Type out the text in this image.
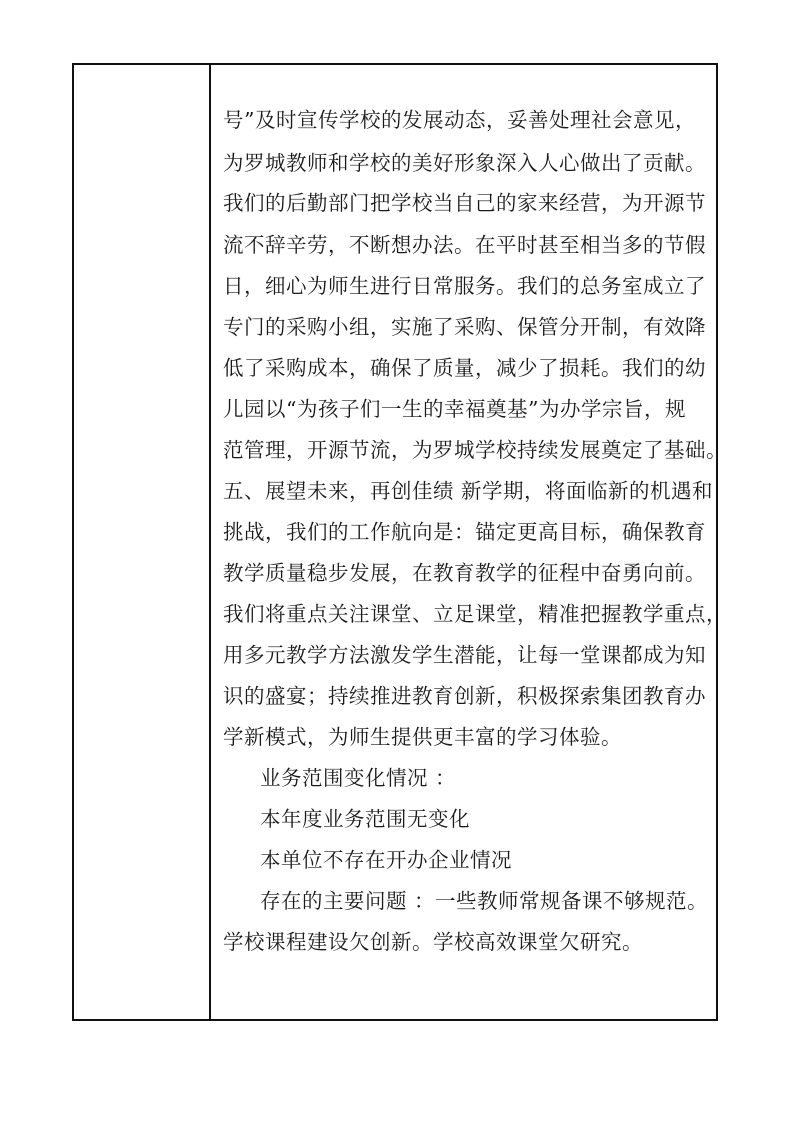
号”及时宣传学校的发展动态，妥善处理社会意见，
为罗城教师和学校的美好形象深入人心做出了贡献。
我们的后勤部门把学校当自己的家来经营，为开源节
流不辞辛劳，不断想办法。在平时甚至相当多的节假
日，细心为师生进行日常服务。我们的总务室成立了
专门的采购小组，实施了采购、保管分开制，有效降
低了采购成本，确保了质量，减少了损耗。我们的幼
儿园以“为孩子们一生的幸福奠基”为办学宗旨，规
范管理，开源节流，为罗城学校持续发展奠定了基础。
五、展望未来，再创佳绩 新学期，将面临新的机遇和
挑战，我们的工作航向是：锚定更高目标，确保教育
教学质量稳步发展，在教育教学的征程中奋勇向前。
我们将重点关注课堂、立足课堂，精准把握教学重点，
用多元教学方法激发学生潜能，让每一堂课都成为知
识的盛宴；持续推进教育创新，积极探索集团教育办
学新模式，为师生提供更丰富的学习体验。
业务范围变化情况 ：
本年度业务范围无变化
本单位不存在开办企业情况
存在的主要问题 ：一些教师常规备课不够规范。
学校课程建设欠创新。学校高效课堂欠研究。
